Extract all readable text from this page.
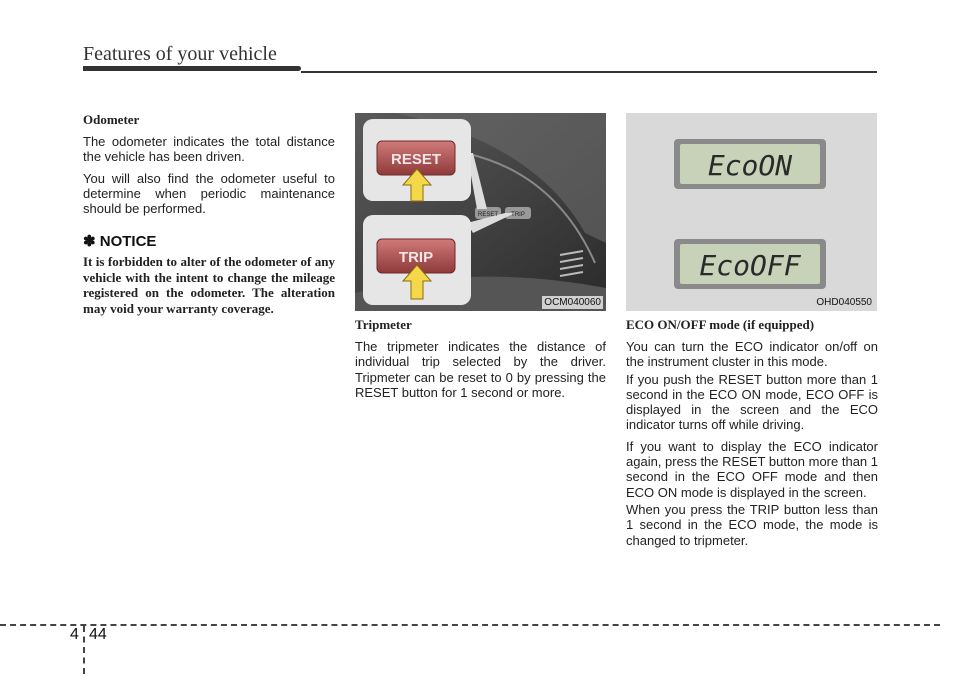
Features of your vehicle
Odometer

The odometer indicates the total distance the vehicle has been driven.

You will also find the odometer useful to determine when periodic maintenance should be performed.

✽ NOTICE

It is forbidden to alter of the odometer of any vehicle with the intent to change the mileage registered on the odometer. The alteration may void your warranty coverage.

RESET
TRIP
RESET TRIP
OCM040060
EcoON
EcoOFF
OHD040550
Tripmeter

The tripmeter indicates the distance of individual trip selected by the driver. Tripmeter can be reset to 0 by pressing the RESET button for 1 second or more.

ECO ON/OFF mode (if equipped)

You can turn the ECO indicator on/off on the instrument cluster in this mode.

If you push the RESET button more than 1 second in the ECO ON mode, ECO OFF is displayed in the screen and the ECO indicator turns off while driving.

If you want to display the ECO indicator again, press the RESET button more than 1 second in the ECO OFF mode and then ECO ON mode is displayed in the screen.

When you press the TRIP button less than 1 second in the ECO mode, the mode is changed to tripmeter.

4 44
